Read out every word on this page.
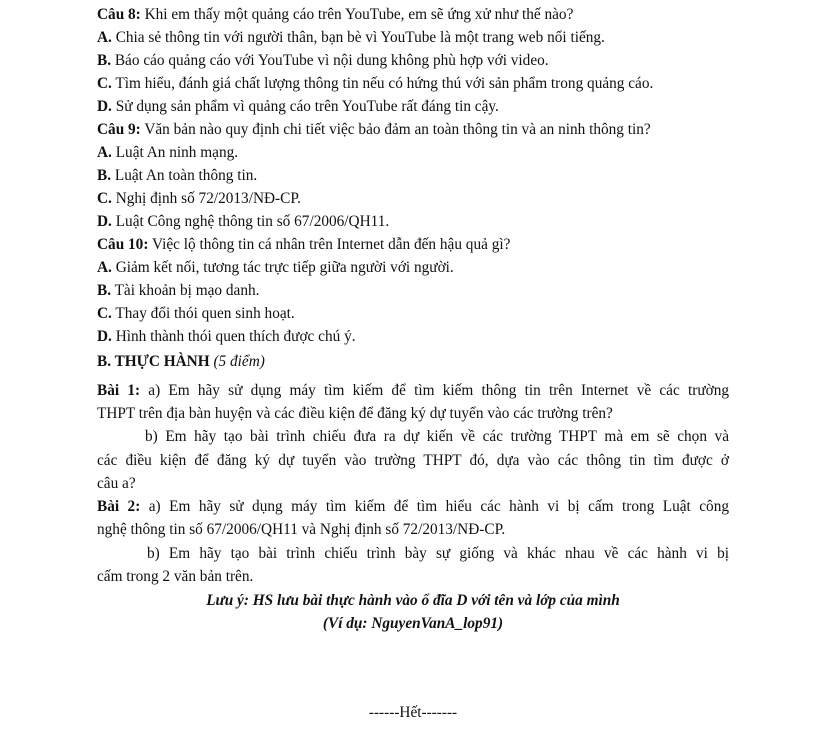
Câu 8: Khi em thấy một quảng cáo trên YouTube, em sẽ ứng xử như thế nào?
A. Chia sẻ thông tin với người thân, bạn bè vì YouTube là một trang web nổi tiếng.
B. Báo cáo quảng cáo với YouTube vì nội dung không phù hợp với video.
C. Tìm hiểu, đánh giá chất lượng thông tin nếu có hứng thú với sản phẩm trong quảng cáo.
D. Sử dụng sản phẩm vì quảng cáo trên YouTube rất đáng tin cậy.
Câu 9: Văn bản nào quy định chi tiết việc bảo đảm an toàn thông tin và an ninh thông tin?
A. Luật An ninh mạng.
B. Luật An toàn thông tin.
C. Nghị định số 72/2013/NĐ-CP.
D. Luật Công nghệ thông tin số 67/2006/QH11.
Câu 10: Việc lộ thông tin cá nhân trên Internet dẫn đến hậu quả gì?
A. Giảm kết nối, tương tác trực tiếp giữa người với người.
B. Tài khoản bị mạo danh.
C. Thay đổi thói quen sinh hoạt.
D. Hình thành thói quen thích được chú ý.
B. THỰC HÀNH (5 điểm)
Bài 1: a) Em hãy sử dụng máy tìm kiếm để tìm kiếm thông tin trên Internet về các trường
THPT trên địa bàn huyện và các điều kiện để đăng ký dự tuyển vào các trường trên?
b) Em hãy tạo bài trình chiếu đưa ra dự kiến về các trường THPT mà em sẽ chọn và
các điều kiện để đăng ký dự tuyển vào trường THPT đó, dựa vào các thông tin tìm được ở
câu a?
Bài 2: a) Em hãy sử dụng máy tìm kiếm để tìm hiểu các hành vi bị cấm trong Luật công
nghệ thông tin số 67/2006/QH11 và Nghị định số 72/2013/NĐ-CP.
b) Em hãy tạo bài trình chiếu trình bày sự giống và khác nhau về các hành vi bị
cấm trong 2 văn bản trên.
Lưu ý: HS lưu bài thực hành vào ổ đĩa D với tên và lớp của mình
(Ví dụ: NguyenVanA_lop91)
------Hết-------
